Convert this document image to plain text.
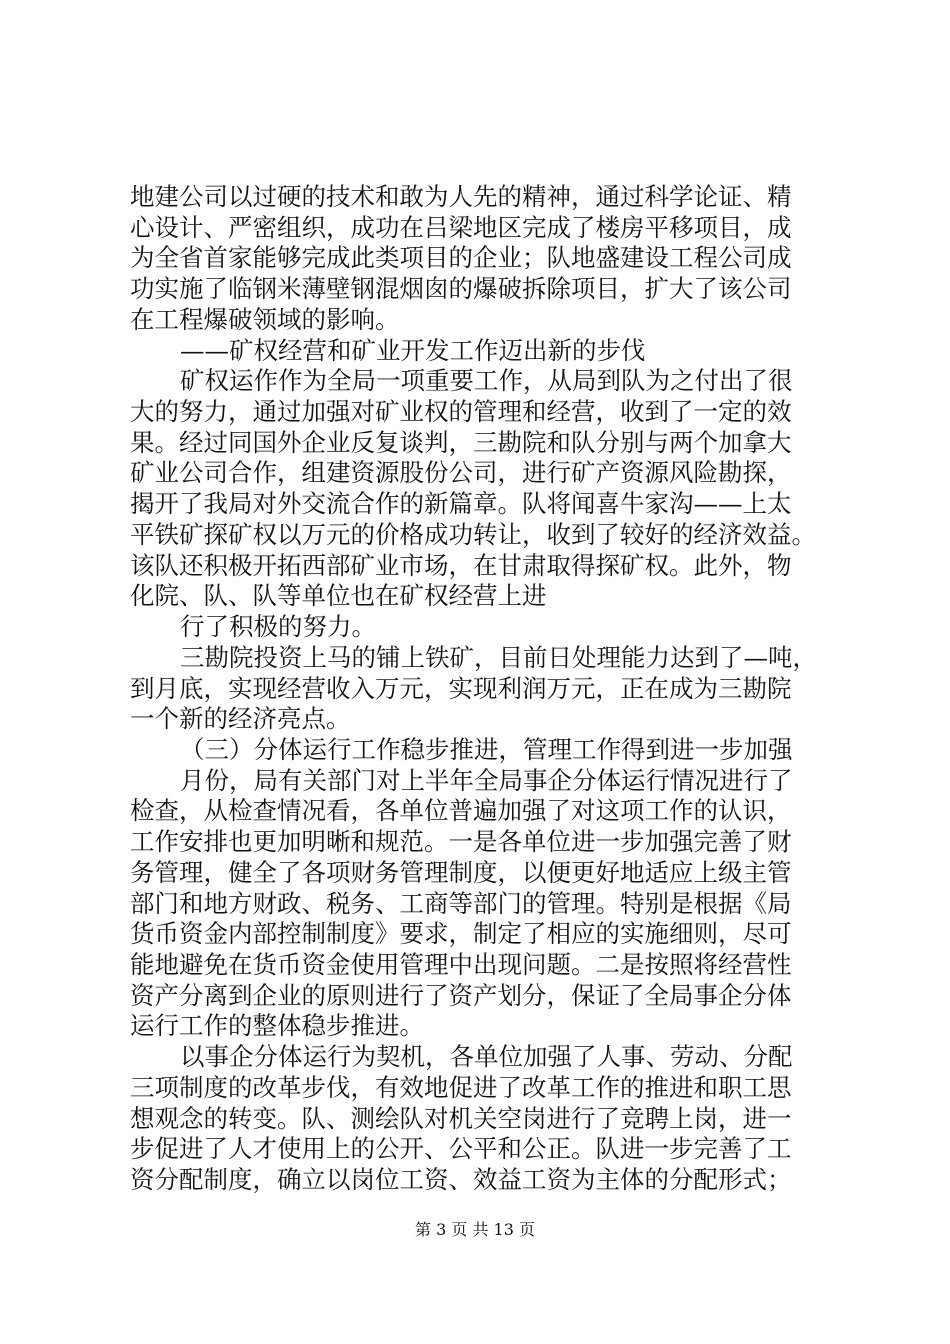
地建公司以过硬的技术和敢为人先的精神，通过科学论证、精
心设计、严密组织，成功在吕梁地区完成了楼房平移项目，成
为全省首家能够完成此类项目的企业；队地盛建设工程公司成
功实施了临钢米薄壁钢混烟囱的爆破拆除项目，扩大了该公司
在工程爆破领域的影响。
——矿权经营和矿业开发工作迈出新的步伐
矿权运作作为全局一项重要工作，从局到队为之付出了很
大的努力，通过加强对矿业权的管理和经营，收到了一定的效
果。经过同国外企业反复谈判，三勘院和队分别与两个加拿大
矿业公司合作，组建资源股份公司，进行矿产资源风险勘探，
揭开了我局对外交流合作的新篇章。队将闻喜牛家沟——上太
平铁矿探矿权以万元的价格成功转让，收到了较好的经济效益。
该队还积极开拓西部矿业市场，在甘肃取得探矿权。此外，物
化院、队、队等单位也在矿权经营上进
行了积极的努力。
三勘院投资上马的铺上铁矿，目前日处理能力达到了—吨，
到月底，实现经营收入万元，实现利润万元，正在成为三勘院
一个新的经济亮点。
（三）分体运行工作稳步推进，管理工作得到进一步加强
月份，局有关部门对上半年全局事企分体运行情况进行了
检查，从检查情况看，各单位普遍加强了对这项工作的认识，
工作安排也更加明晰和规范。一是各单位进一步加强完善了财
务管理，健全了各项财务管理制度，以便更好地适应上级主管
部门和地方财政、税务、工商等部门的管理。特别是根据《局
货币资金内部控制制度》要求，制定了相应的实施细则，尽可
能地避免在货币资金使用管理中出现问题。二是按照将经营性
资产分离到企业的原则进行了资产划分，保证了全局事企分体
运行工作的整体稳步推进。
以事企分体运行为契机，各单位加强了人事、劳动、分配
三项制度的改革步伐，有效地促进了改革工作的推进和职工思
想观念的转变。队、测绘队对机关空岗进行了竞聘上岗，进一
步促进了人才使用上的公开、公平和公正。队进一步完善了工
资分配制度，确立以岗位工资、效益工资为主体的分配形式；
第 3 页 共 13 页
